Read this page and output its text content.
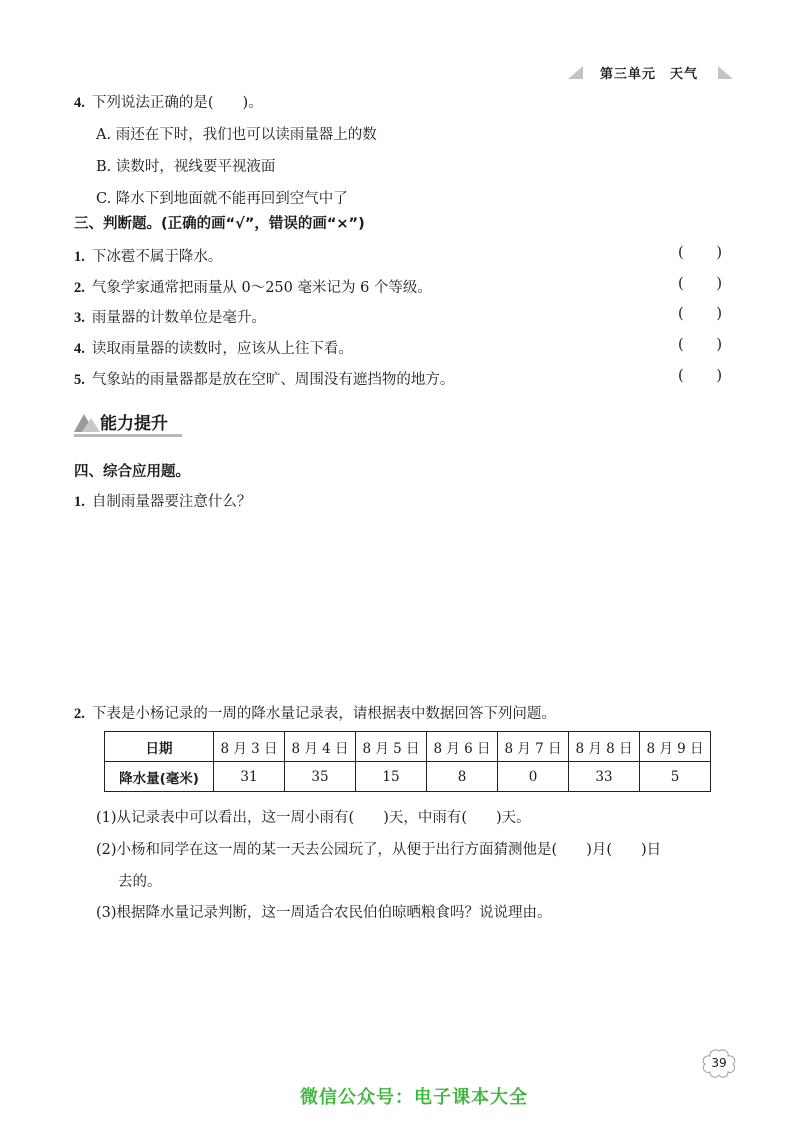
第三单元　天气
4. 下列说法正确的是(　　)。
A. 雨还在下时，我们也可以读雨量器上的数
B. 读数时，视线要平视液面
C. 降水下到地面就不能再回到空气中了
三、判断题。(正确的画“√”，错误的画“×”)
1. 下冰雹不属于降水。	( )
2. 气象学家通常把雨量从 0～250 毫米记为 6 个等级。	( )
3. 雨量器的计数单位是毫升。	( )
4. 读取雨量器的读数时，应该从上往下看。	( )
5. 气象站的雨量器都是放在空旷、周围没有遮挡物的地方。	( )
能力提升
四、综合应用题。
1. 自制雨量器要注意什么？
2. 下表是小杨记录的一周的降水量记录表，请根据表中数据回答下列问题。
日期	8 月 3 日	8 月 4 日	8 月 5 日	8 月 6 日	8 月 7 日	8 月 8 日	8 月 9 日
降水量(毫米)	31	35	15	8	0	33	5
(1)从记录表中可以看出，这一周小雨有(　　)天，中雨有(　　)天。
(2)小杨和同学在这一周的某一天去公园玩了，从便于出行方面猜测他是(　　)月(　　)日
去的。
(3)根据降水量记录判断，这一周适合农民伯伯晾晒粮食吗？说说理由。
39
微信公众号：电子课本大全
